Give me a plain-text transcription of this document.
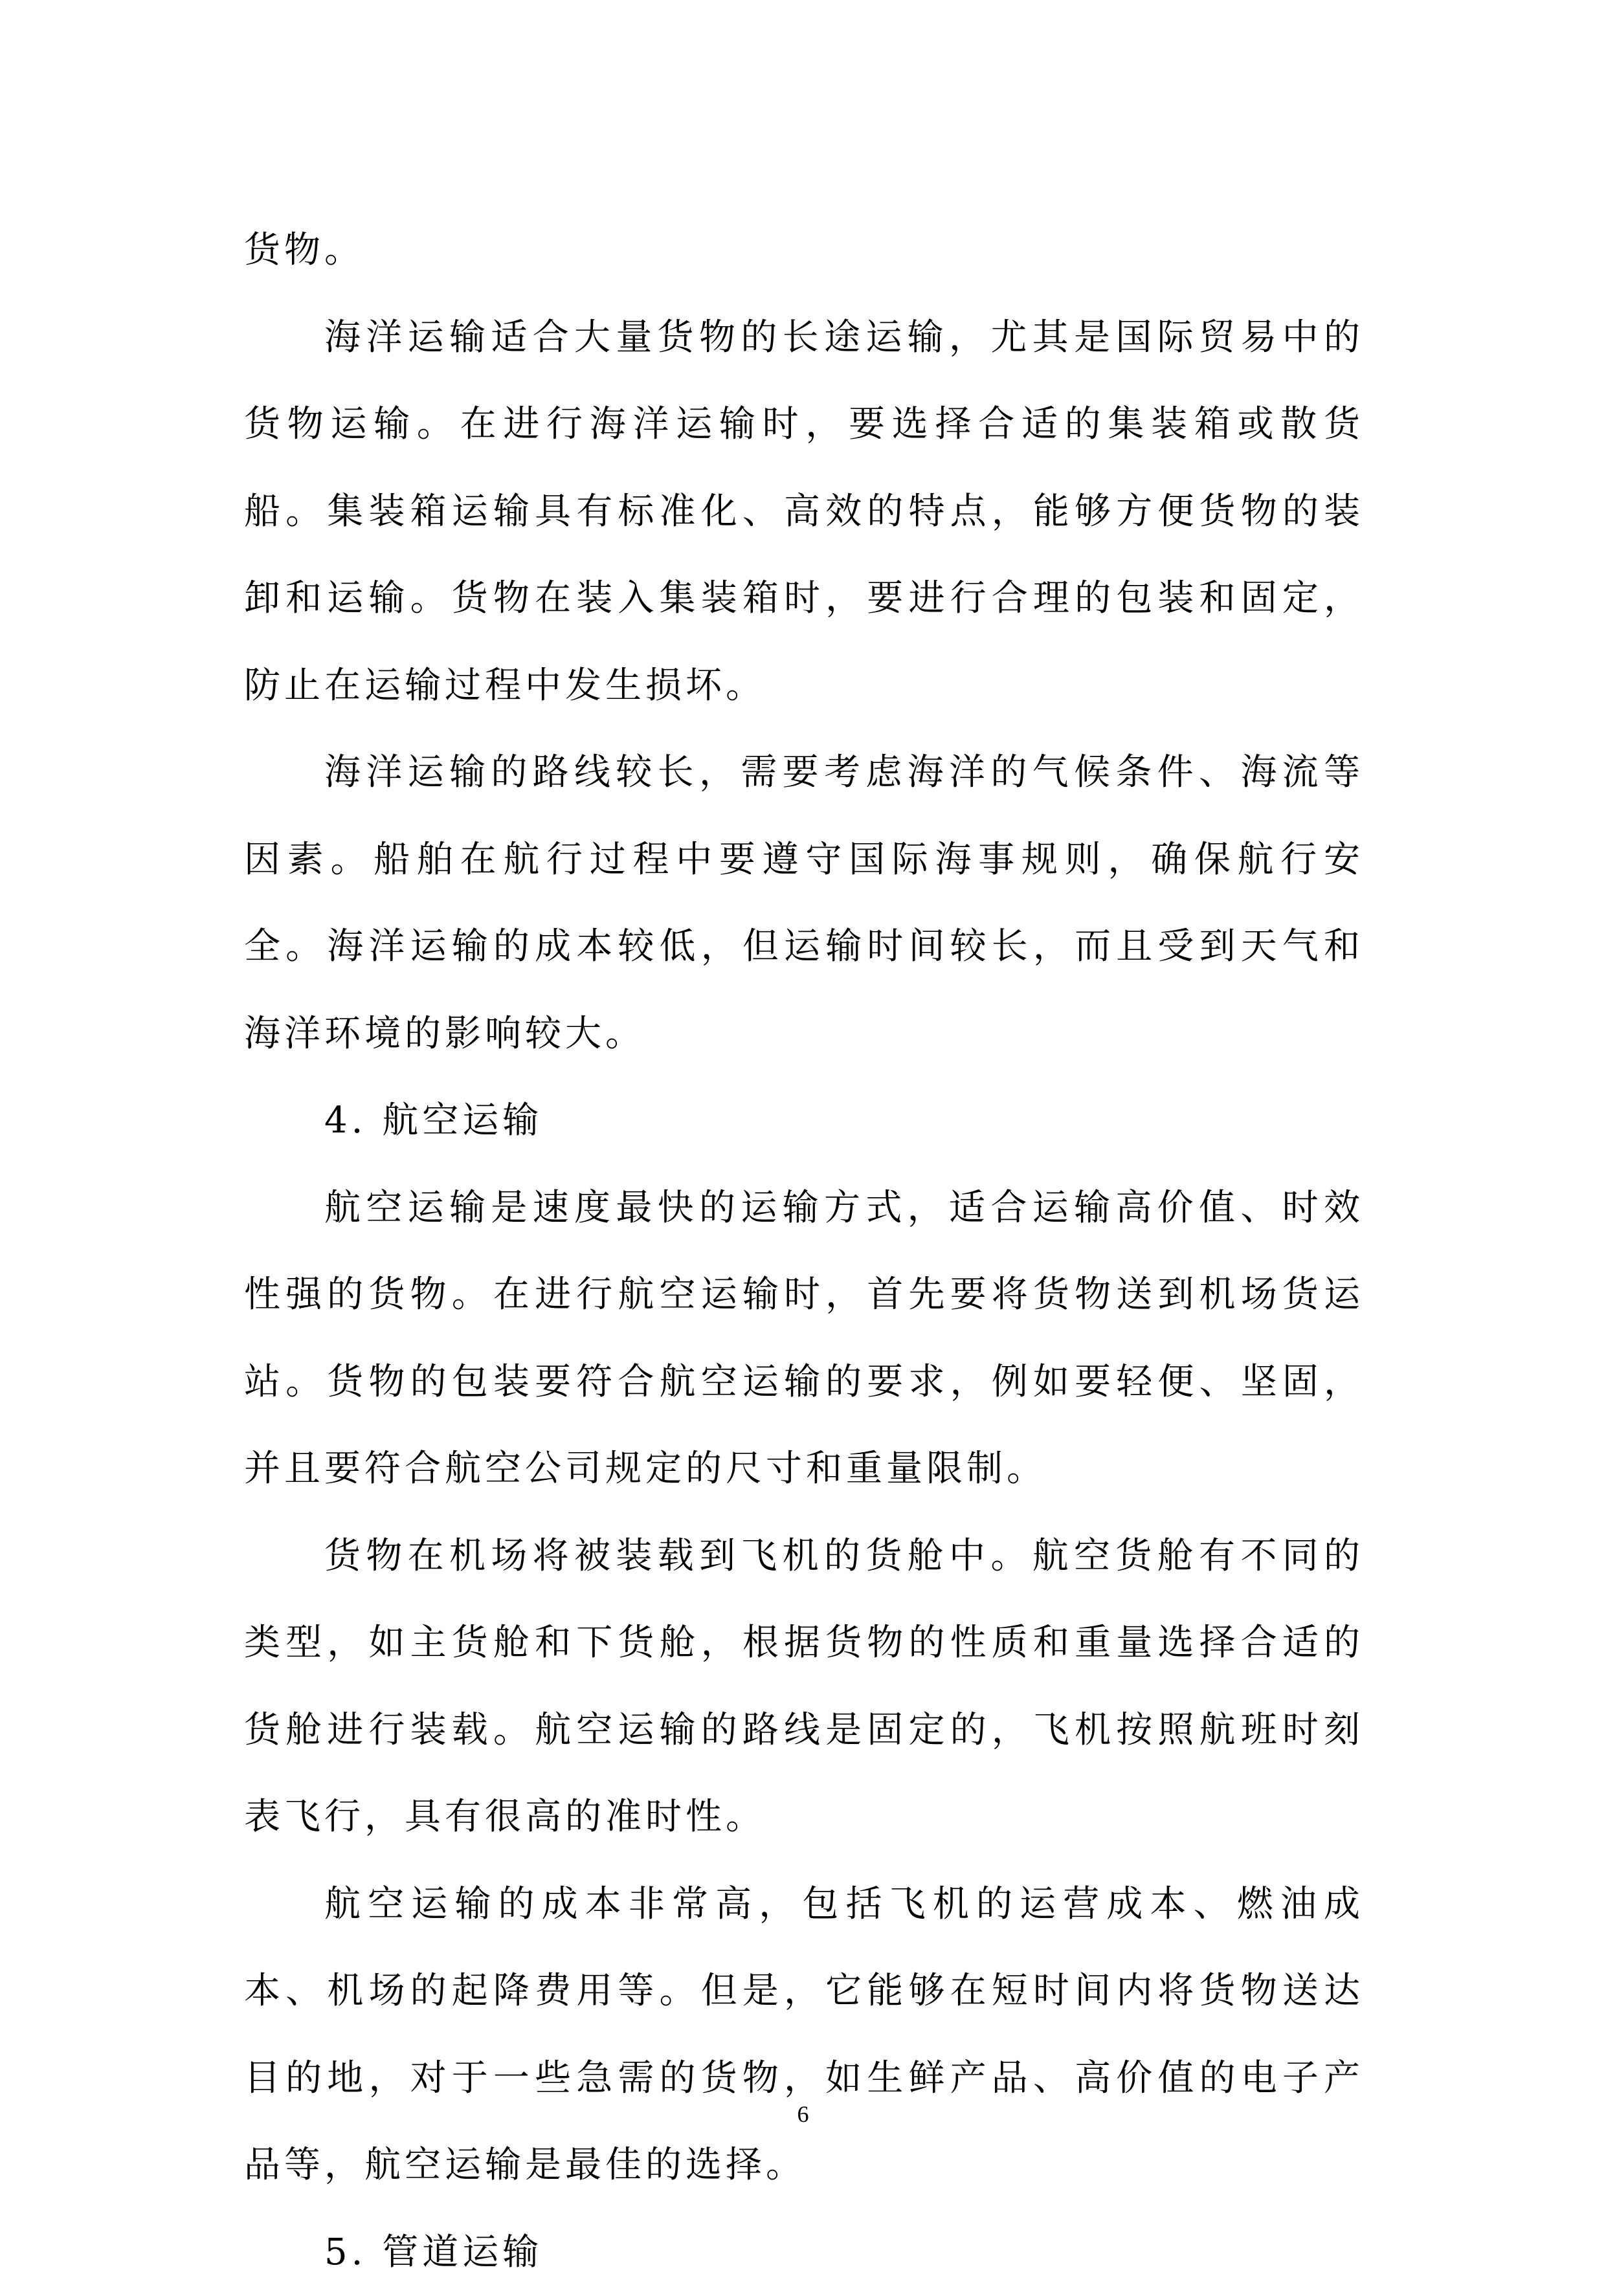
货物。

海洋运输适合大量货物的长途运输，尤其是国际贸易中的货物运输。在进行海洋运输时，要选择合适的集装箱或散货船。集装箱运输具有标准化、高效的特点，能够方便货物的装卸和运输。货物在装入集装箱时，要进行合理的包装和固定，防止在运输过程中发生损坏。

海洋运输的路线较长，需要考虑海洋的气候条件、海流等因素。船舶在航行过程中要遵守国际海事规则，确保航行安全。海洋运输的成本较低，但运输时间较长，而且受到天气和海洋环境的影响较大。

4. 航空运输

航空运输是速度最快的运输方式，适合运输高价值、时效性强的货物。在进行航空运输时，首先要将货物送到机场货运站。货物的包装要符合航空运输的要求，例如要轻便、坚固，并且要符合航空公司规定的尺寸和重量限制。

货物在机场将被装载到飞机的货舱中。航空货舱有不同的类型，如主货舱和下货舱，根据货物的性质和重量选择合适的货舱进行装载。航空运输的路线是固定的，飞机按照航班时刻表飞行，具有很高的准时性。

航空运输的成本非常高，包括飞机的运营成本、燃油成本、机场的起降费用等。但是，它能够在短时间内将货物送达目的地，对于一些急需的货物，如生鲜产品、高价值的电子产品等，航空运输是最佳的选择。

5. 管道运输

6
